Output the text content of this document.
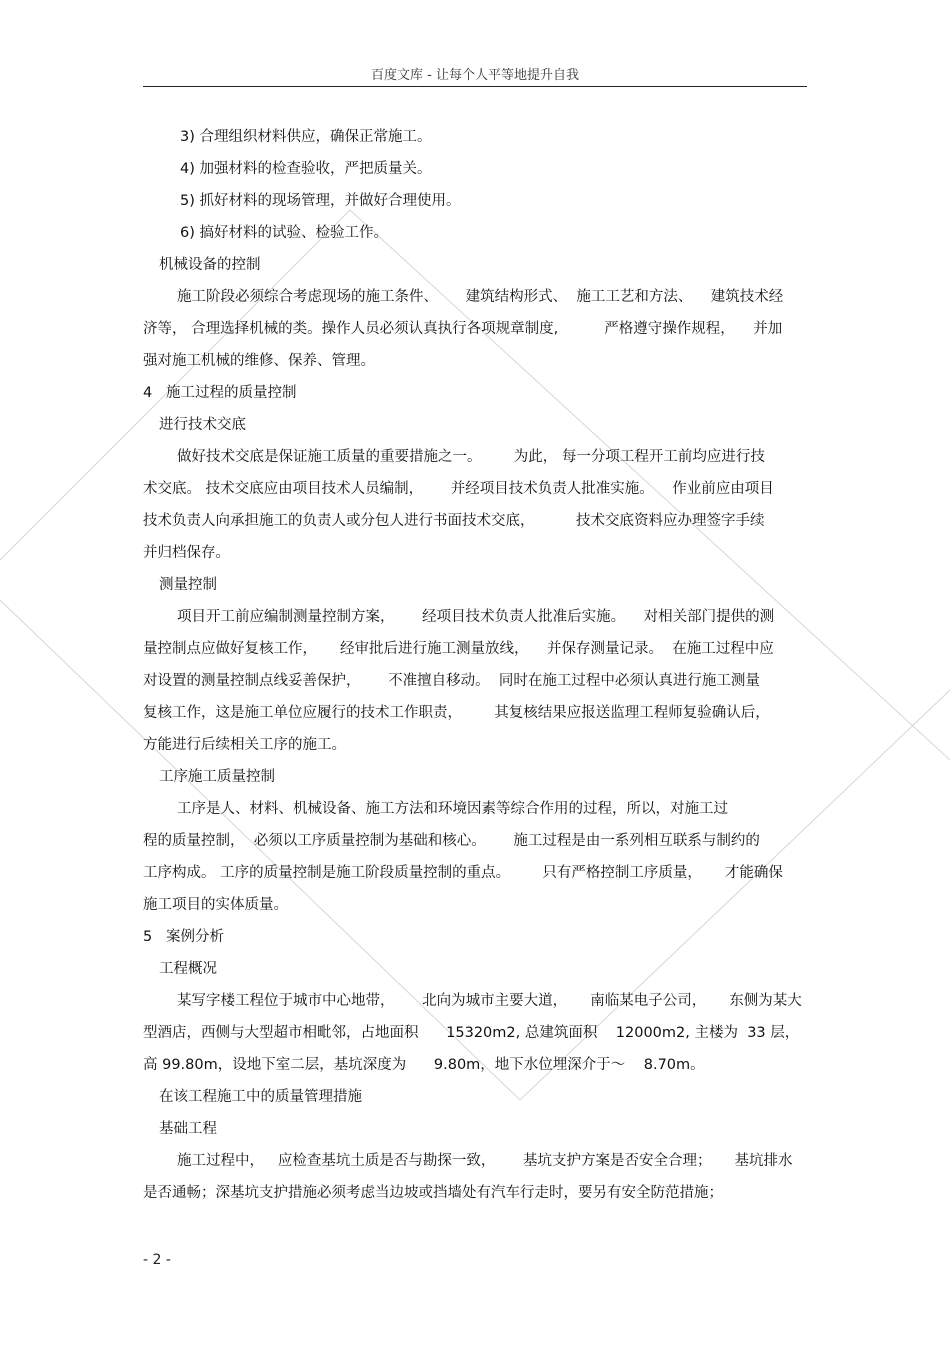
百度文库 - 让每个人平等地提升自我
3) 合理组织材料供应，确保正常施工。
4) 加强材料的检查验收，严把质量关。
5) 抓好材料的现场管理，并做好合理使用。
6) 搞好材料的试验、检验工作。
机械设备的控制
施工阶段必须综合考虑现场的施工条件、      建筑结构形式、  施工工艺和方法、    建筑技术经
济等， 合理选择机械的类。操作人员必须认真执行各项规章制度,          严格遵守操作规程，    并加
强对施工机械的维修、保养、管理。
4   施工过程的质量控制
进行技术交底
做好技术交底是保证施工质量的重要措施之一。       为此， 每一分项工程开工前均应进行技
术交底。 技术交底应由项目技术人员编制，      并经项目技术负责人批准实施。    作业前应由项目
技术负责人向承担施工的负责人或分包人进行书面技术交底，         技术交底资料应办理签字手续
并归档保存。
测量控制
项目开工前应编制测量控制方案，      经项目技术负责人批准后实施。    对相关部门提供的测
量控制点应做好复核工作，     经审批后进行施工测量放线，    并保存测量记录。  在施工过程中应
对设置的测量控制点线妥善保护，      不准擅自移动。  同时在施工过程中必须认真进行施工测量
复核工作，这是施工单位应履行的技术工作职责，       其复核结果应报送监理工程师复验确认后，
方能进行后续相关工序的施工。
工序施工质量控制
工序是人、材料、机械设备、施工方法和环境因素等综合作用的过程，所以，对施工过
程的质量控制，  必须以工序质量控制为基础和核心。      施工过程是由一系列相互联系与制约的
工序构成。 工序的质量控制是施工阶段质量控制的重点。       只有严格控制工序质量，     才能确保
施工项目的实体质量。
5   案例分析
工程概况
某写字楼工程位于城市中心地带，      北向为城市主要大道，     南临某电子公司，     东侧为某大
型酒店，西侧与大型超市相毗邻，占地面积      15320m2, 总建筑面积    12000m2, 主楼为  33 层，
高 99.80m，设地下室二层，基坑深度为      9.80m，地下水位埋深介于～    8.70m。
在该工程施工中的质量管理措施
基础工程
施工过程中，   应检查基坑土质是否与勘探一致，      基坑支护方案是否安全合理；     基坑排水
是否通畅；深基坑支护措施必须考虑当边坡或挡墙处有汽车行走时，要另有安全防范措施；
- 2 -
